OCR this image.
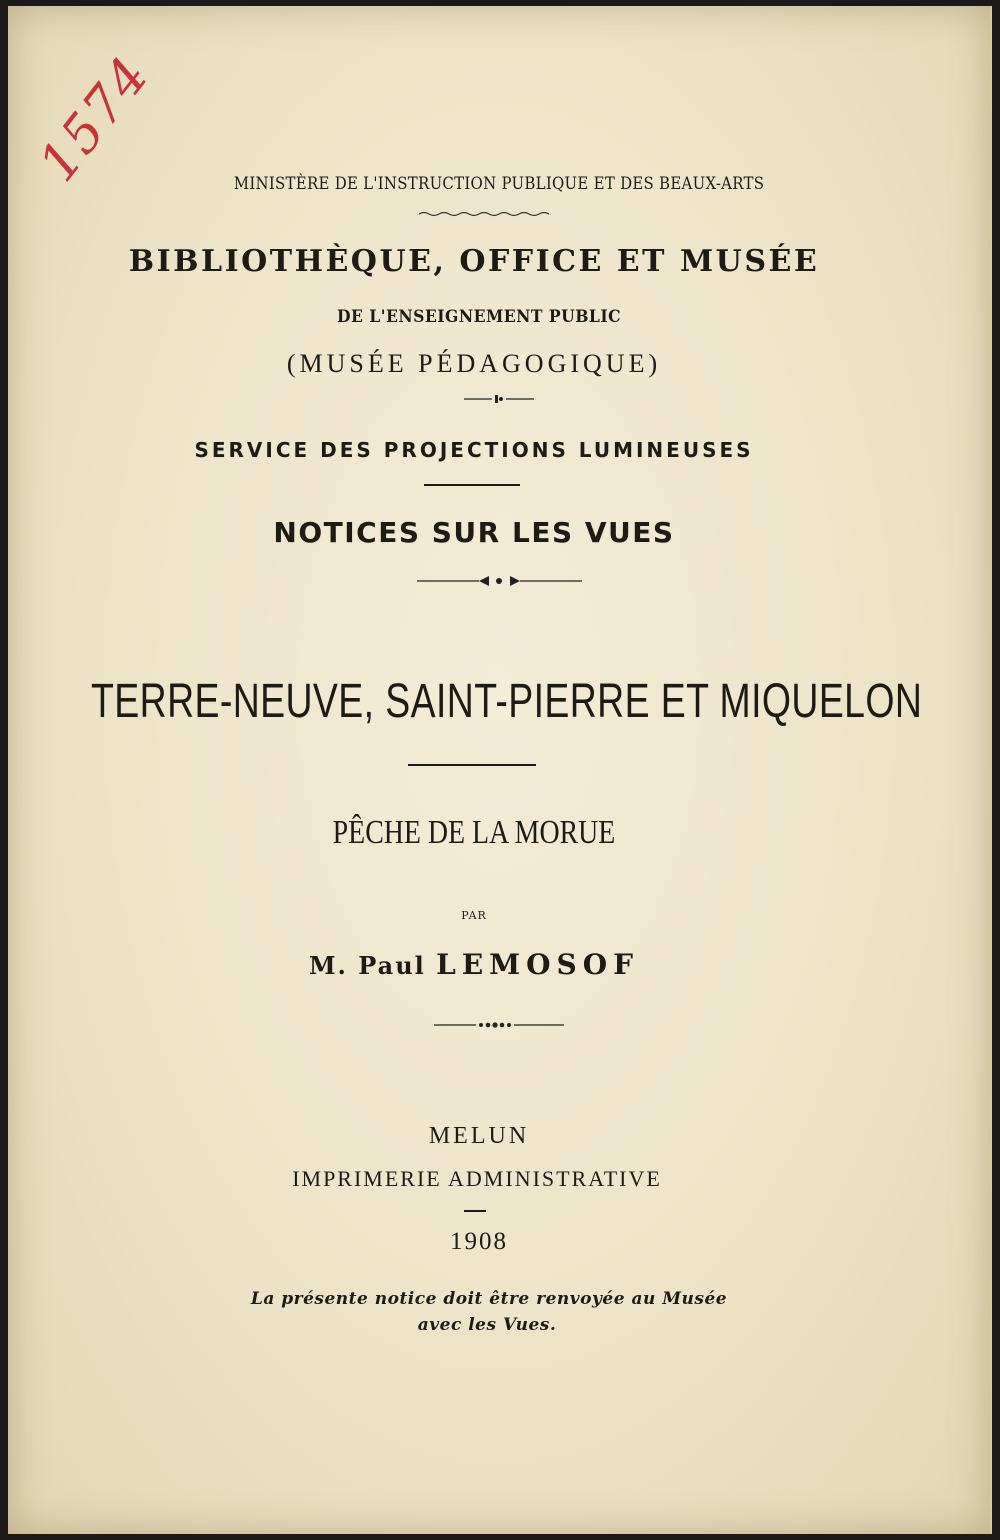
1574	MINISTÈRE DE L'INSTRUCTION PUBLIQUE ET DES BEAUX-ARTS
BIBLIOTHÈQUE, OFFICE ET MUSÉE
DE L'ENSEIGNEMENT PUBLIC
(MUSÉE PÉDAGOGIQUE)
SERVICE DES PROJECTIONS LUMINEUSES
NOTICES SUR LES VUES
TERRE-NEUVE, SAINT-PIERRE ET MIQUELON
PÊCHE DE LA MORUE
PAR
M. Paul LEMOSOF
MELUN
IMPRIMERIE ADMINISTRATIVE
1908
La présente notice doit être renvoyée au Musée
avec les Vues.
